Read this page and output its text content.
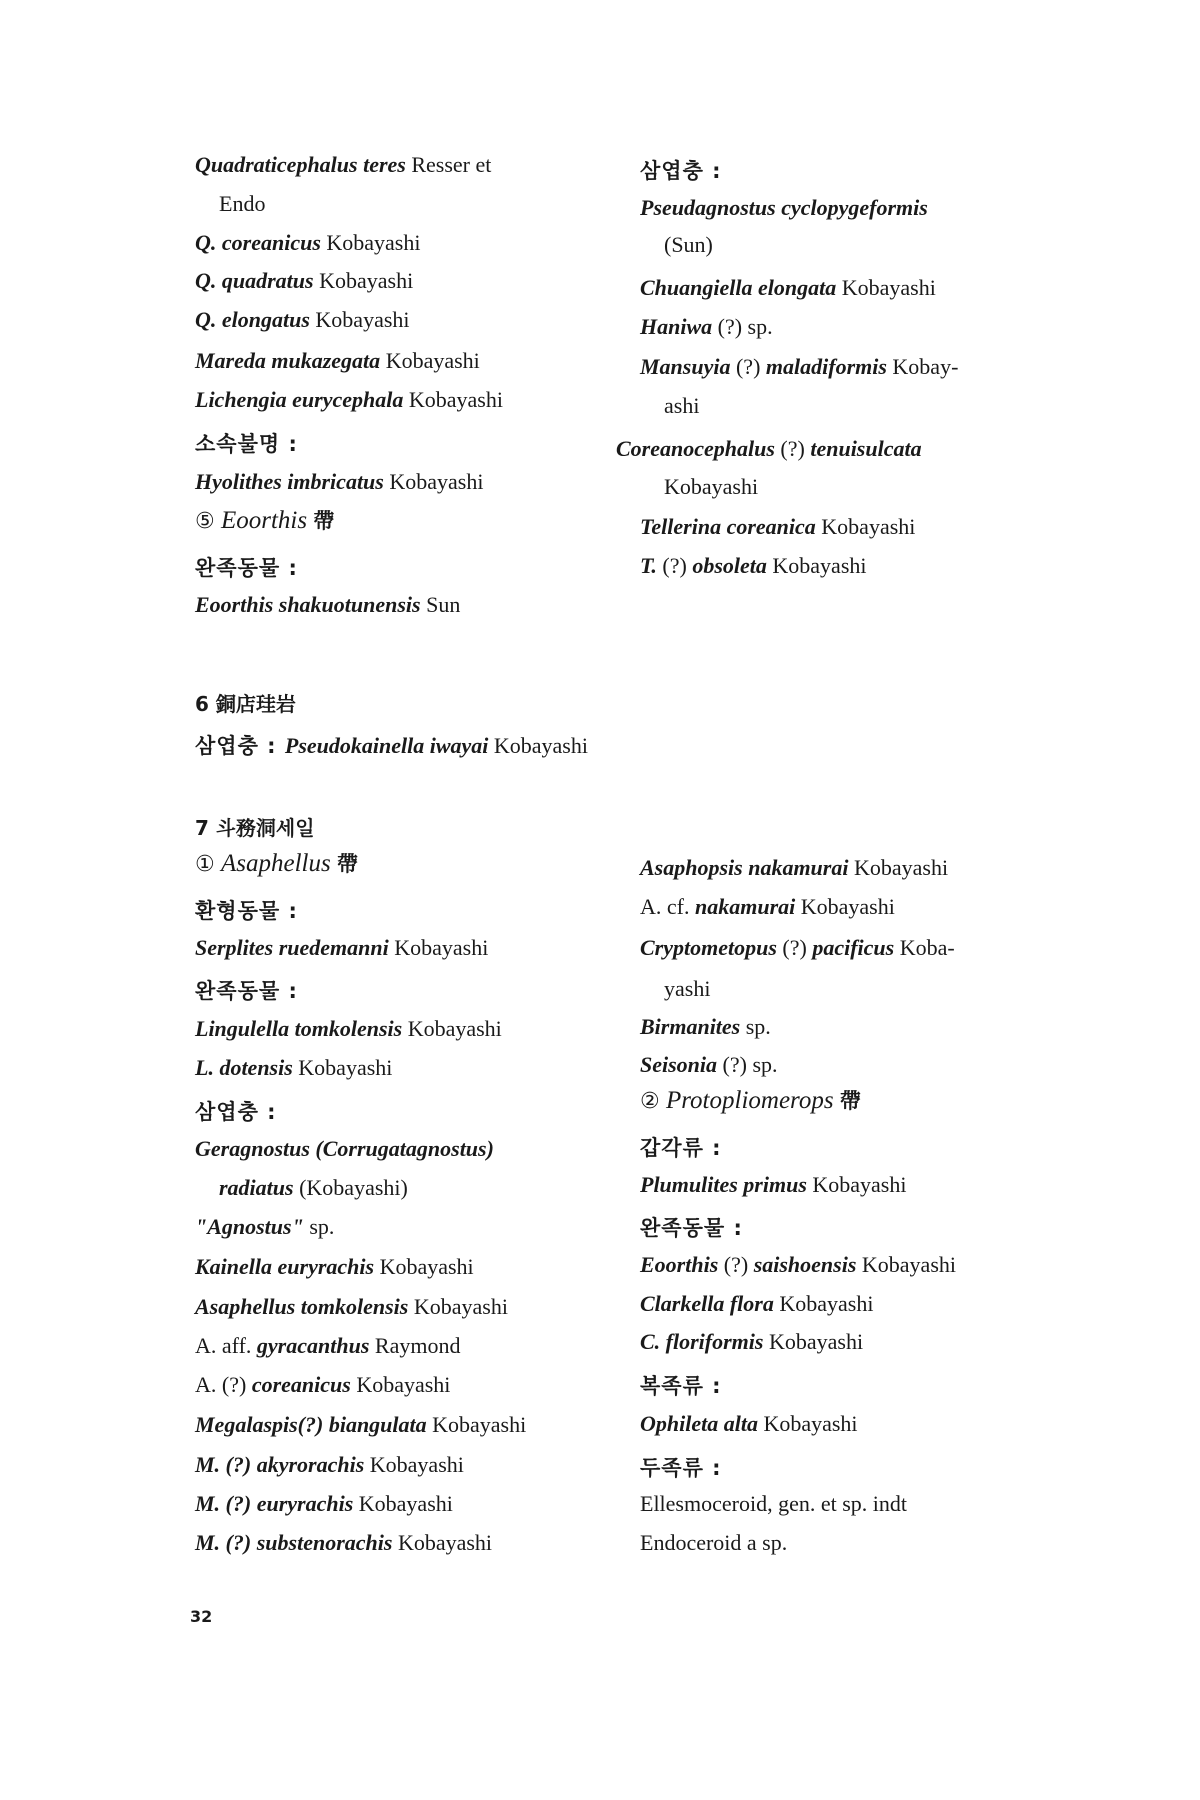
Quadraticephalus teres Resser et
Endo
Q. coreanicus Kobayashi
Q. quadratus Kobayashi
Q. elongatus Kobayashi
Mareda mukazegata Kobayashi
Lichengia eurycephala Kobayashi
소속불명 :
Hyolithes imbricatus Kobayashi
⑤ Eoorthis 帶
완족동물 :
Eoorthis shakuotunensis Sun
삼엽충 :
Pseudagnostus cyclopygeformis
(Sun)
Chuangiella elongata Kobayashi
Haniwa (?) sp.
Mansuyia (?) maladiformis Kobay-
ashi
Coreanocephalus (?) tenuisulcata
Kobayashi
Tellerina coreanica Kobayashi
T. (?) obsoleta Kobayashi
6 銅店珪岩
삼엽충 : Pseudokainella iwayai Kobayashi
7 斗務洞세일
① Asaphellus 帶
환형동물 :
Serplites ruedemanni Kobayashi
완족동물 :
Lingulella tomkolensis Kobayashi
L. dotensis Kobayashi
삼엽충 :
Geragnostus (Corrugatagnostus)
radiatus (Kobayashi)
"Agnostus" sp.
Kainella euryrachis Kobayashi
Asaphellus tomkolensis Kobayashi
A. aff. gyracanthus Raymond
A. (?) coreanicus Kobayashi
Megalaspis(?) biangulata Kobayashi
M. (?) akyrorachis Kobayashi
M. (?) euryrachis Kobayashi
M. (?) substenorachis Kobayashi
Asaphopsis nakamurai Kobayashi
A. cf. nakamurai Kobayashi
Cryptometopus (?) pacificus Koba-
yashi
Birmanites sp.
Seisonia (?) sp.
② Protopliomerops 帶
갑각류 :
Plumulites primus Kobayashi
완족동물 :
Eoorthis (?) saishoensis Kobayashi
Clarkella flora Kobayashi
C. floriformis Kobayashi
복족류 :
Ophileta alta Kobayashi
두족류 :
Ellesmoceroid, gen. et sp. indt
Endoceroid a sp.
32
